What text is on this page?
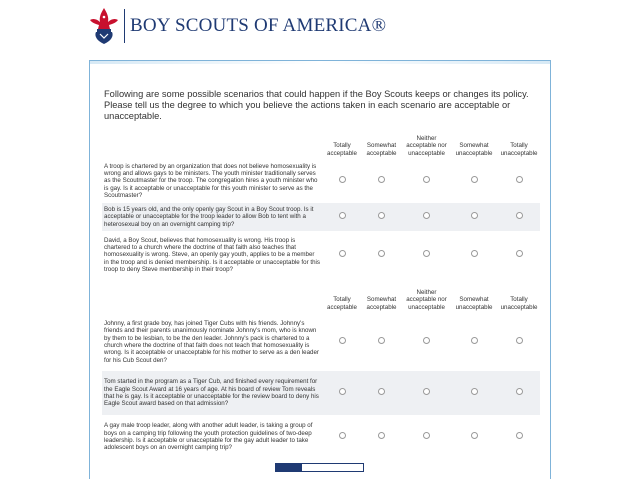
BOY SCOUTS OF AMERICA®
Following are some possible scenarios that could happen if the Boy Scouts keeps or changes its policy. Please tell us the degree to which you believe the actions taken in each scenario are acceptable or unacceptable.
	Totally acceptable	Somewhat acceptable	Neither acceptable nor unacceptable	Somewhat unacceptable	Totally unacceptable
A troop is chartered by an organization that does not believe homosexuality is wrong and allows gays to be ministers. The youth minister traditionally serves as the Scoutmaster for the troop. The congregation hires a youth minister who is gay. Is it acceptable or unacceptable for this youth minister to serve as the Scoutmaster?					
Bob is 15 years old, and the only openly gay Scout in a Boy Scout troop. Is it acceptable or unacceptable for the troop leader to allow Bob to tent with a heterosexual boy on an overnight camping trip?					
David, a Boy Scout, believes that homosexuality is wrong. His troop is chartered to a church where the doctrine of that faith also teaches that homosexuality is wrong. Steve, an openly gay youth, applies to be a member in the troop and is denied membership. Is it acceptable or unacceptable for this troop to deny Steve membership in their troop?					
	Totally acceptable	Somewhat acceptable	Neither acceptable nor unacceptable	Somewhat unacceptable	Totally unacceptable
Johnny, a first grade boy, has joined Tiger Cubs with his friends. Johnny's friends and their parents unanimously nominate Johnny's mom, who is known by them to be lesbian, to be the den leader. Johnny's pack is chartered to a church where the doctrine of that faith does not teach that homosexuality is wrong. Is it acceptable or unacceptable for his mother to serve as a den leader for his Cub Scout den?					
Tom started in the program as a Tiger Cub, and finished every requirement for the Eagle Scout Award at 16 years of age. At his board of review Tom reveals that he is gay. Is it acceptable or unacceptable for the review board to deny his Eagle Scout award based on that admission?					
A gay male troop leader, along with another adult leader, is taking a group of boys on a camping trip following the youth protection guidelines of two-deep leadership. Is it acceptable or unacceptable for the gay adult leader to take adolescent boys on an overnight camping trip?					
